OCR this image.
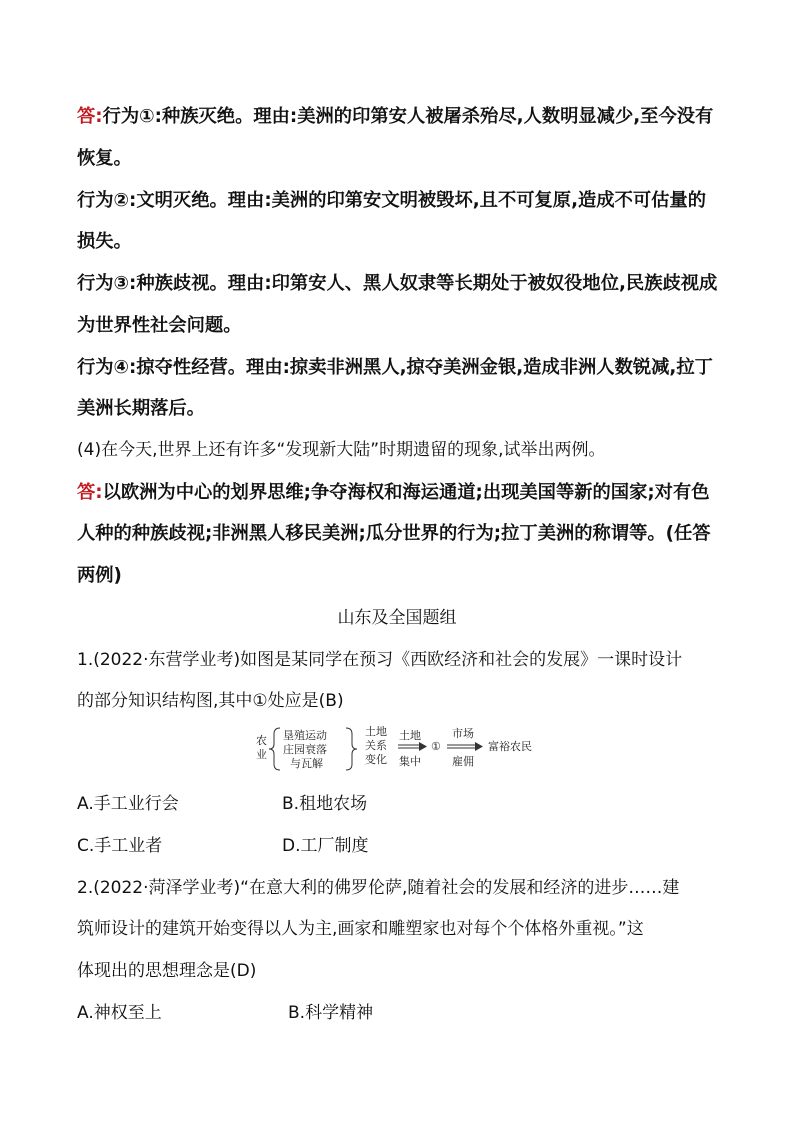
答:行为①:种族灭绝。理由:美洲的印第安人被屠杀殆尽,人数明显减少,至今没有
恢复。
行为②:文明灭绝。理由:美洲的印第安文明被毁坏,且不可复原,造成不可估量的
损失。
行为③:种族歧视。理由:印第安人、黑人奴隶等长期处于被奴役地位,民族歧视成
为世界性社会问题。
行为④:掠夺性经营。理由:掠卖非洲黑人,掠夺美洲金银,造成非洲人数锐减,拉丁
美洲长期落后。
(4)在今天,世界上还有许多“发现新大陆”时期遗留的现象,试举出两例。
答:以欧洲为中心的划界思维;争夺海权和海运通道;出现美国等新的国家;对有色
人种的种族歧视;非洲黑人移民美洲;瓜分世界的行为;拉丁美洲的称谓等。(任答
两例)
山东及全国题组
1.(2022·东营学业考)如图是某同学在预习《西欧经济和社会的发展》一课时设计
的部分知识结构图,其中①处应是(B)
农
业
垦殖运动
庄园衰落
与瓦解
土地
关系
变化
土地
集中
①
市场
雇佣
富裕农民
A.手工业行会	B.租地农场
C.手工业者	D.工厂制度
2.(2022·菏泽学业考)“在意大利的佛罗伦萨,随着社会的发展和经济的进步……建
筑师设计的建筑开始变得以人为主,画家和雕塑家也对每个个体格外重视。”这
体现出的思想理念是(D)
A.神权至上	B.科学精神
